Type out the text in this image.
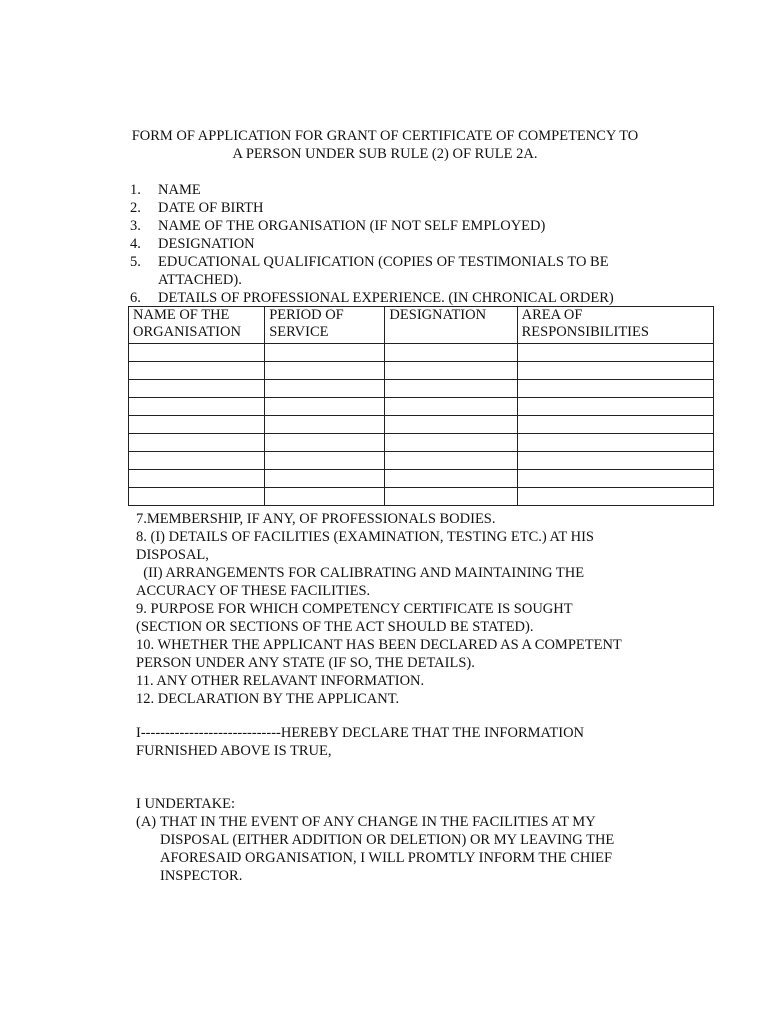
FORM OF APPLICATION FOR GRANT OF CERTIFICATE OF COMPETENCY TO
A PERSON UNDER SUB RULE (2) OF RULE 2A.
1.	NAME
2.	DATE OF BIRTH
3.	NAME OF THE ORGANISATION (IF NOT SELF EMPLOYED)
4.	DESIGNATION
5.	EDUCATIONAL QUALIFICATION (COPIES OF TESTIMONIALS TO BE ATTACHED).
6.	DETAILS OF PROFESSIONAL EXPERIENCE. (IN CHRONICAL ORDER)
NAME OF THE ORGANISATION	PERIOD OF SERVICE	DESIGNATION	AREA OF RESPONSIBILITIES

7.MEMBERSHIP, IF ANY, OF PROFESSIONALS BODIES.
8. (I) DETAILS OF FACILITIES (EXAMINATION, TESTING ETC.) AT HIS
DISPOSAL,
(II) ARRANGEMENTS FOR CALIBRATING AND MAINTAINING THE
ACCURACY OF THESE FACILITIES.
9. PURPOSE FOR WHICH COMPETENCY CERTIFICATE IS SOUGHT
(SECTION OR SECTIONS OF THE ACT SHOULD BE STATED).
10. WHETHER THE APPLICANT HAS BEEN DECLARED AS A COMPETENT
PERSON UNDER ANY STATE (IF SO, THE DETAILS).
11. ANY OTHER RELAVANT INFORMATION.
12. DECLARATION BY THE APPLICANT.
I-----------------------------HEREBY DECLARE THAT THE INFORMATION
FURNISHED ABOVE IS TRUE,
I UNDERTAKE:
(A) THAT IN THE EVENT OF ANY CHANGE IN THE FACILITIES AT MY DISPOSAL (EITHER ADDITION OR DELETION) OR MY LEAVING THE AFORESAID ORGANISATION, I WILL PROMTLY INFORM THE CHIEF INSPECTOR.
